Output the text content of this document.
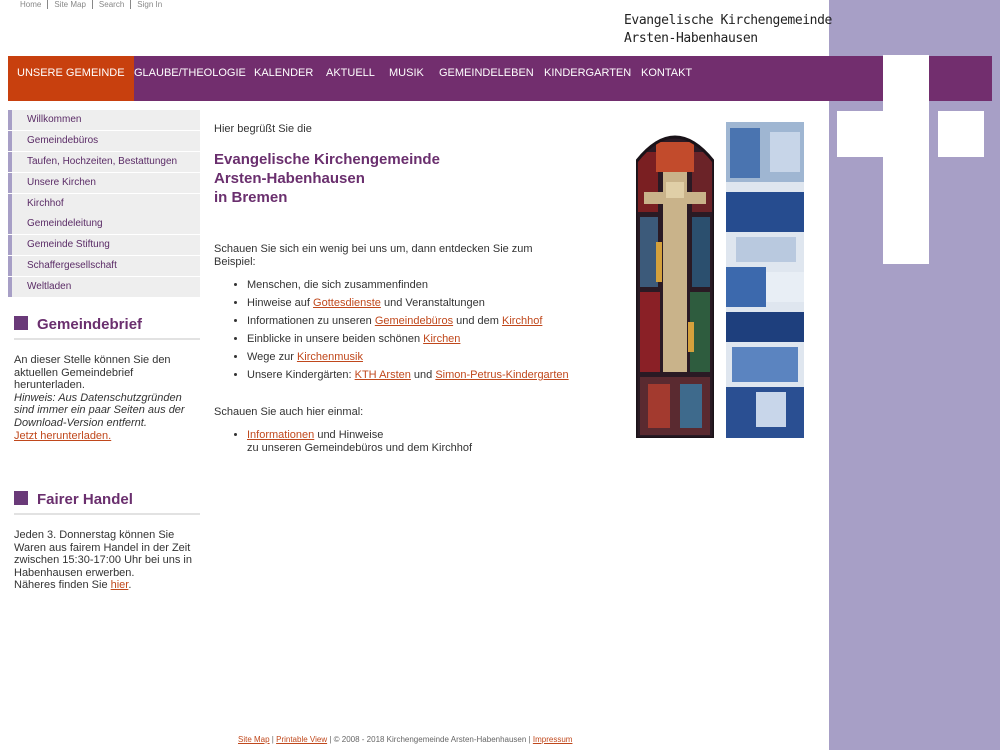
Home Site Map Search Sign In
Evangelische Kirchengemeinde
Arsten-Habenhausen
UNSERE GEMEINDE GLAUBE/THEOLOGIE KALENDER AKTUELL MUSIK GEMEINDELEBEN KINDERGARTEN KONTAKT
Willkommen
Gemeindebüros
Taufen, Hochzeiten, Bestattungen
Unsere Kirchen
Kirchhof
Gemeindeleitung
Gemeinde Stiftung
Schaffergesellschaft
Weltladen
Gemeindebrief
An dieser Stelle können Sie den aktuellen Gemeindebrief herunterladen.
Hinweis: Aus Datenschutzgründen sind immer ein paar Seiten aus der Download-Version entfernt.
Jetzt herunterladen.
Fairer Handel
Jeden 3. Donnerstag können Sie Waren aus fairem Handel in der Zeit zwischen 15:30-17:00 Uhr bei uns in Habenhausen erwerben.
Näheres finden Sie hier.
Hier begrüßt Sie die
Evangelische Kirchengemeinde
Arsten-Habenhausen
in Bremen
Schauen Sie sich ein wenig bei uns um, dann entdecken Sie zum Beispiel:
• Menschen, die sich zusammenfinden
• Hinweise auf Gottesdienste und Veranstaltungen
• Informationen zu unseren Gemeindebüros und dem Kirchhof
• Einblicke in unsere beiden schönen Kirchen
• Wege zur Kirchenmusik
• Unsere Kindergärten: KTH Arsten und Simon-Petrus-Kindergarten
Schauen Sie auch hier einmal:
• Informationen und Hinweise
zu unseren Gemeindebüros und dem Kirchhof
Site Map | Printable View | © 2008 - 2018 Kirchengemeinde Arsten-Habenhausen | Impressum
